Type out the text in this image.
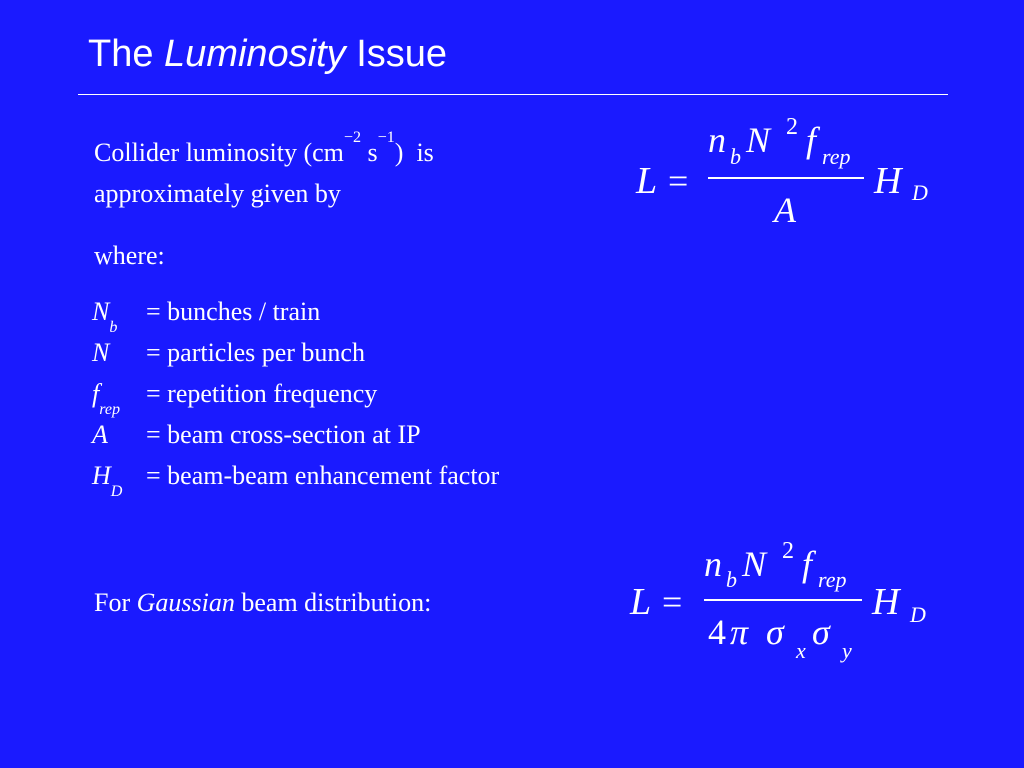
The Luminosity Issue
Collider luminosity ($cm^{-2}$ $s^{-1}$)  is
approximately given by
where:
$N_b$
= bunches / train
N	= particles per bunch
$f_{rep}$
= repetition frequency
A	= beam cross-section at IP
$H_D$
= beam-beam enhancement factor
For Gaussian beam distribution:
L =
n b N 2 f rep
A
H D
L =
n b N 2 f rep
4 π σ x σ y
H D
